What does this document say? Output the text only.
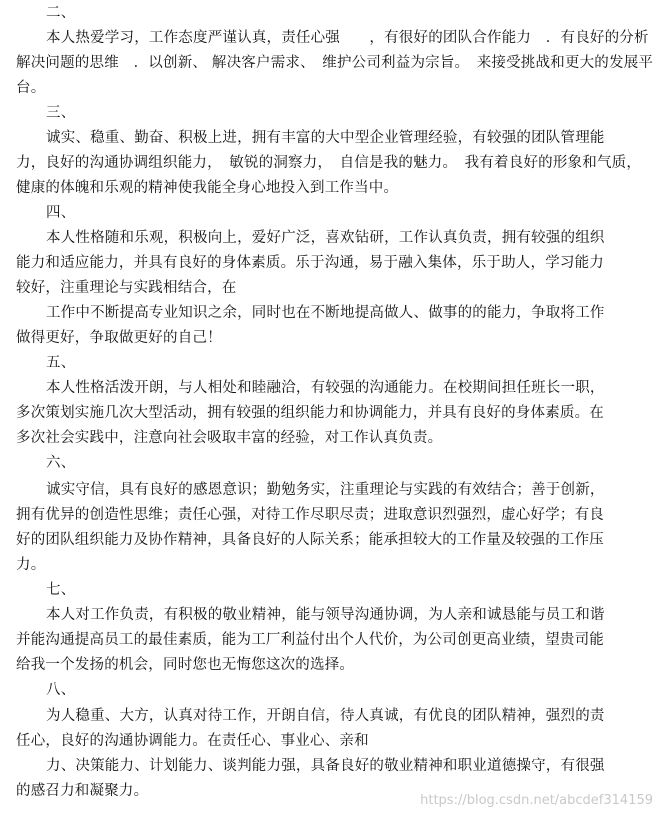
二、
本人热爱学习，工作态度严谨认真，责任心强　　，有很好的团队合作能力　．有良好的分析
解决问题的思维　．以创新、 解决客户需求、　维护公司利益为宗旨。　来接受挑战和更大的发展平
台。
三、
诚实、稳重、勤奋、积极上进，拥有丰富的大中型企业管理经验，有较强的团队管理能
力，良好的沟通协调组织能力，　敏锐的洞察力，　自信是我的魅力。　我有着良好的形象和气质，
健康的体魄和乐观的精神使我能全身心地投入到工作当中。
四、
本人性格随和乐观，积极向上，爱好广泛，喜欢钻研，工作认真负责，拥有较强的组织
能力和适应能力，并具有良好的身体素质。乐于沟通，易于融入集体，乐于助人，学习能力
较好，注重理论与实践相结合，在
工作中不断提高专业知识之余，同时也在不断地提高做人、做事的的能力，争取将工作
做得更好，争取做更好的自己！
五、
本人性格活泼开朗，与人相处和睦融洽，有较强的沟通能力。在校期间担任班长一职，
多次策划实施几次大型活动，拥有较强的组织能力和协调能力，并具有良好的身体素质。在
多次社会实践中，注意向社会吸取丰富的经验，对工作认真负责。
六、
诚实守信，具有良好的感恩意识；勤勉务实，注重理论与实践的有效结合；善于创新，
拥有优异的创造性思维；责任心强，对待工作尽职尽责；进取意识烈强烈，虚心好学；有良
好的团队组织能力及协作精神，具备良好的人际关系；能承担较大的工作量及较强的工作压
力。
七、
本人对工作负责，有积极的敬业精神，能与领导沟通协调，为人亲和诚恳能与员工和谐
并能沟通提高员工的最佳素质，能为工厂利益付出个人代价，为公司创更高业绩，望贵司能
给我一个发扬的机会，同时您也无悔您这次的选择。
八、
为人稳重、大方，认真对待工作，开朗自信，待人真诚，有优良的团队精神，强烈的责
任心，良好的沟通协调能力。在责任心、事业心、亲和
力、决策能力、计划能力、谈判能力强，具备良好的敬业精神和职业道德操守，有很强
的感召力和凝聚力。
https://blog.csdn.net/abcdef314159
